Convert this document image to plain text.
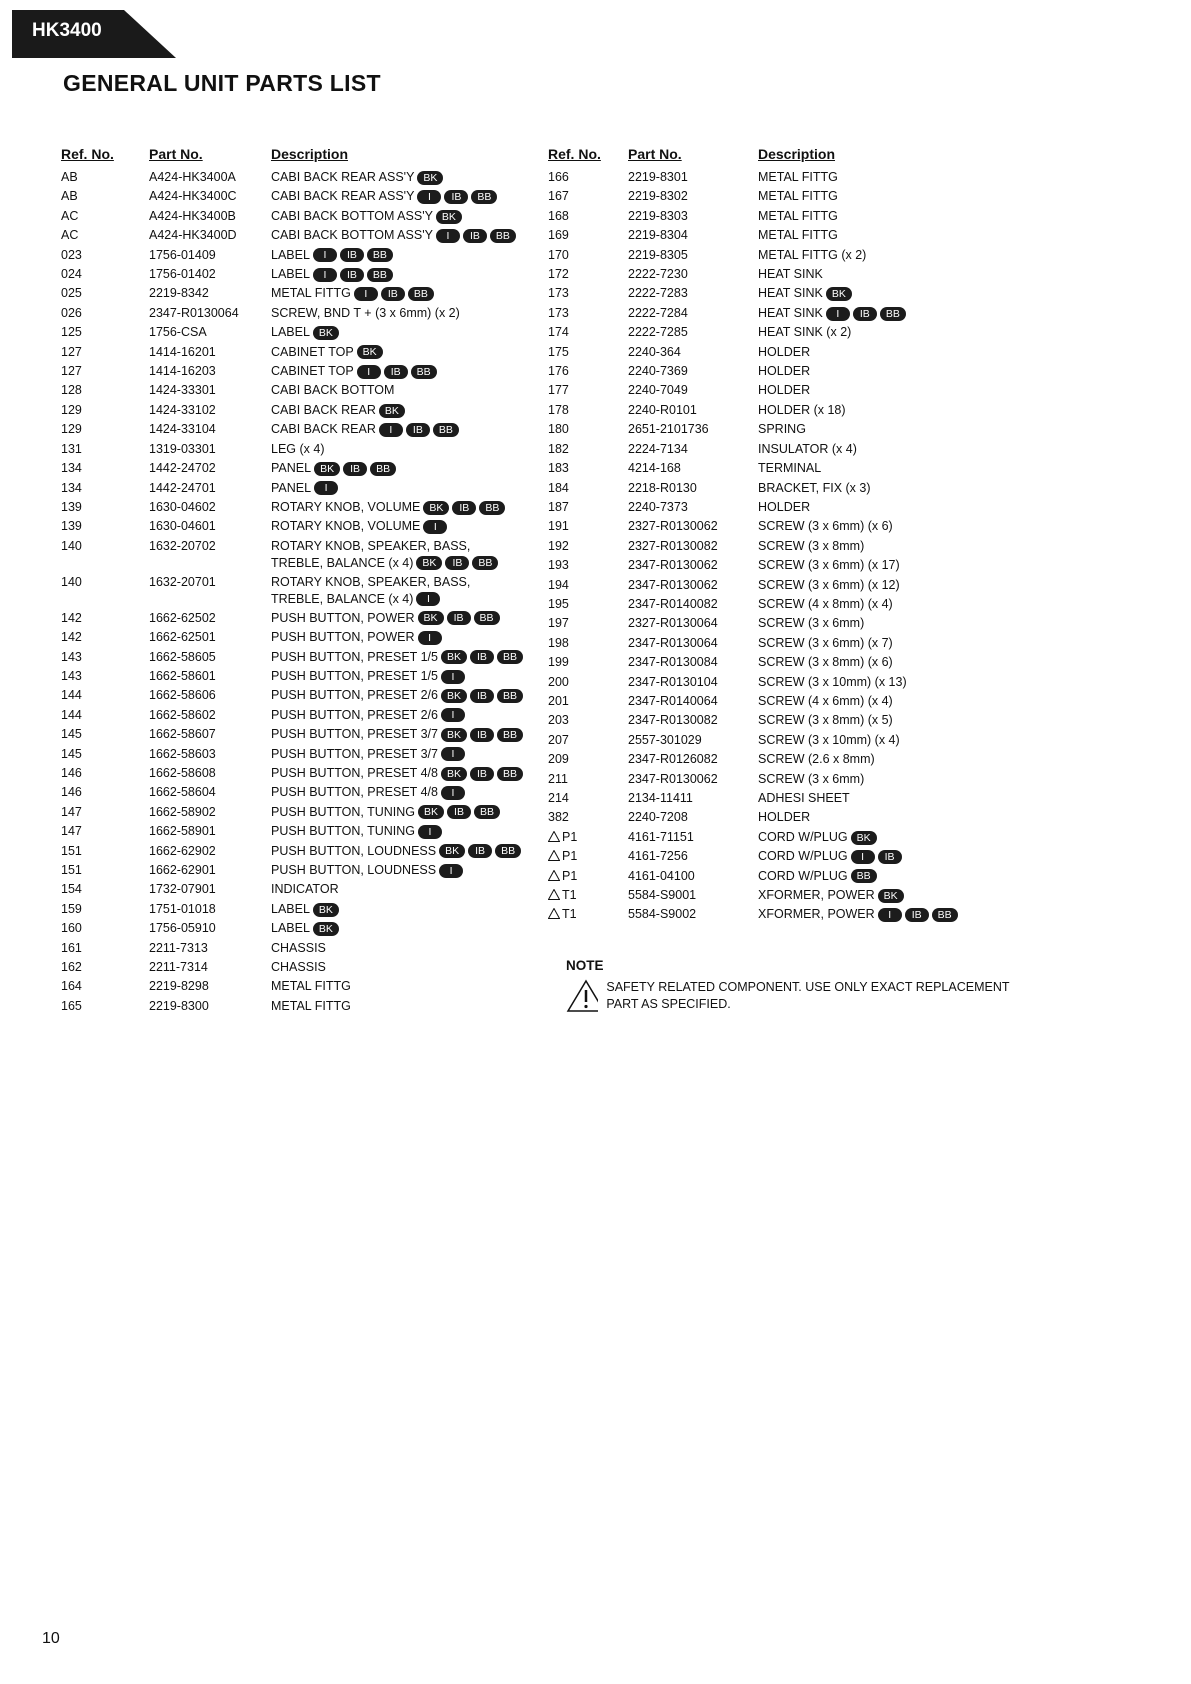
HK3400
GENERAL UNIT PARTS LIST
Ref. No.	Part No.	Description
AB	A424-HK3400A	CABI BACK REAR ASS'Y BK
AB	A424-HK3400C	CABI BACK REAR ASS'Y	I	IB	BB
AC	A424-HK3400B	CABI BACK BOTTOM ASS'Y BK
AC	A424-HK3400D	CABI BACK BOTTOM ASS'Y	I	IB	BB
023	1756-01409	LABEL	I	IB	BB
024	1756-01402	LABEL	I	IB	BB
025	2219-8342	METAL FITTG	I	IB	BB
026	2347-R0130064	SCREW, BND T + (3 x 6mm) (x 2)
125	1756-CSA	LABEL BK
127	1414-16201	CABINET TOP BK
127	1414-16203	CABINET TOP	I	IB	BB
128	1424-33301	CABI BACK BOTTOM
129	1424-33102	CABI BACK REAR BK
129	1424-33104	CABI BACK REAR	I	IB	BB
131	1319-03301	LEG (x 4)
134	1442-24702	PANEL BK	IB	BB
134	1442-24701	PANEL	I
139	1630-04602	ROTARY KNOB, VOLUME BK	IB	BB
139	1630-04601	ROTARY KNOB, VOLUME	I
140	1632-20702	ROTARY KNOB, SPEAKER, BASS,
TREBLE, BALANCE (x 4) BK	IB	BB
140	1632-20701	ROTARY KNOB, SPEAKER, BASS,
TREBLE, BALANCE (x 4)	I
142	1662-62502	PUSH BUTTON, POWER BK	IB	BB
142	1662-62501	PUSH BUTTON, POWER	I
143	1662-58605	PUSH BUTTON, PRESET 1/5 BK	IB	BB
143	1662-58601	PUSH BUTTON, PRESET 1/5	I
144	1662-58606	PUSH BUTTON, PRESET 2/6 BK	IB	BB
144	1662-58602	PUSH BUTTON, PRESET 2/6	I
145	1662-58607	PUSH BUTTON, PRESET 3/7 BK	IB	BB
145	1662-58603	PUSH BUTTON, PRESET 3/7	I
146	1662-58608	PUSH BUTTON, PRESET 4/8 BK	IB	BB
146	1662-58604	PUSH BUTTON, PRESET 4/8	I
147	1662-58902	PUSH BUTTON, TUNING BK	IB	BB
147	1662-58901	PUSH BUTTON, TUNING	I
151	1662-62902	PUSH BUTTON, LOUDNESS BK	IB	BB
151	1662-62901	PUSH BUTTON, LOUDNESS	I
154	1732-07901	INDICATOR
159	1751-01018	LABEL BK
160	1756-05910	LABEL BK
161	2211-7313	CHASSIS
162	2211-7314	CHASSIS
164	2219-8298	METAL FITTG
165	2219-8300	METAL FITTG
Ref. No.	Part No.	Description
166	2219-8301	METAL FITTG
167	2219-8302	METAL FITTG
168	2219-8303	METAL FITTG
169	2219-8304	METAL FITTG
170	2219-8305	METAL FITTG (x 2)
172	2222-7230	HEAT SINK
173	2222-7283	HEAT SINK BK
173	2222-7284	HEAT SINK	I	IB	BB
174	2222-7285	HEAT SINK (x 2)
175	2240-364	HOLDER
176	2240-7369	HOLDER
177	2240-7049	HOLDER
178	2240-R0101	HOLDER (x 18)
180	2651-2101736	SPRING
182	2224-7134	INSULATOR (x 4)
183	4214-168	TERMINAL
184	2218-R0130	BRACKET, FIX (x 3)
187	2240-7373	HOLDER
191	2327-R0130062	SCREW (3 x 6mm) (x 6)
192	2327-R0130082	SCREW (3 x 8mm)
193	2347-R0130062	SCREW (3 x 6mm) (x 17)
194	2347-R0130062	SCREW (3 x 6mm) (x 12)
195	2347-R0140082	SCREW (4 x 8mm) (x 4)
197	2327-R0130064	SCREW (3 x 6mm)
198	2347-R0130064	SCREW (3 x 6mm) (x 7)
199	2347-R0130084	SCREW (3 x 8mm) (x 6)
200	2347-R0130104	SCREW (3 x 10mm) (x 13)
201	2347-R0140064	SCREW (4 x 6mm) (x 4)
203	2347-R0130082	SCREW (3 x 8mm) (x 5)
207	2557-301029	SCREW (3 x 10mm) (x 4)
209	2347-R0126082	SCREW (2.6 x 8mm)
211	2347-R0130062	SCREW (3 x 6mm)
214	2134-11411	ADHESI SHEET
382	2240-7208	HOLDER
P1	4161-71151	CORD W/PLUG BK
P1	4161-7256	CORD W/PLUG	I	IB
P1	4161-04100	CORD W/PLUG BB
T1	5584-S9001	XFORMER, POWER BK
T1	5584-S9002	XFORMER, POWER	I	IB	BB
NOTE
SAFETY RELATED COMPONENT. USE ONLY EXACT REPLACEMENT PART AS SPECIFIED.
10
